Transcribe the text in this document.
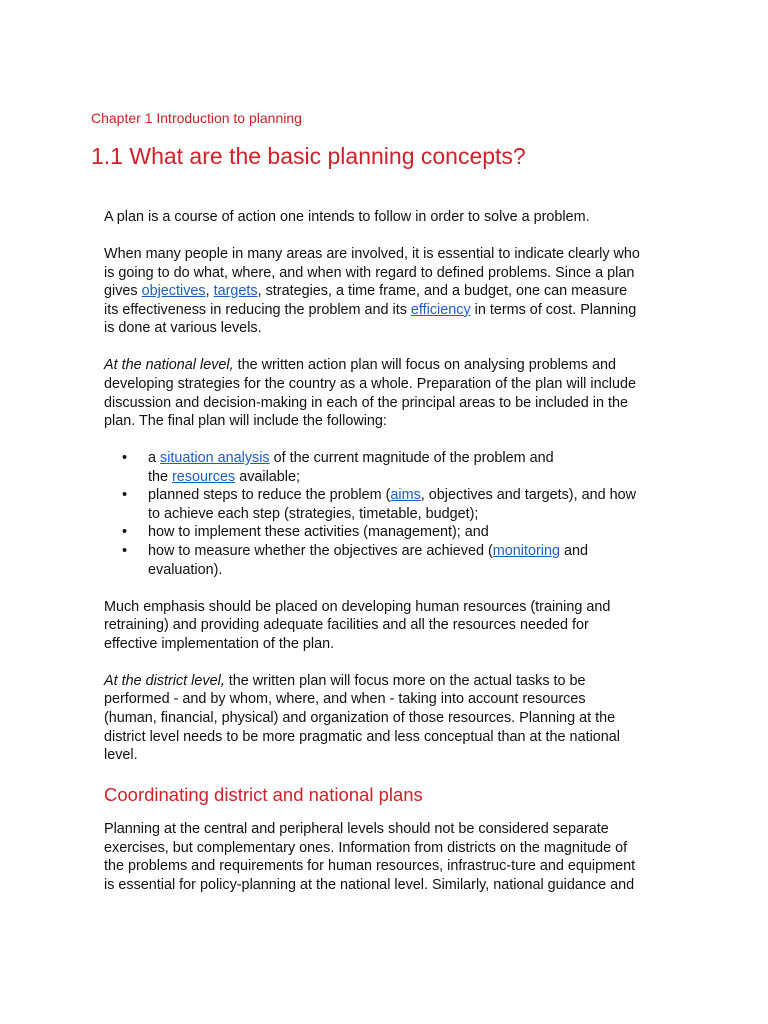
Chapter 1 Introduction to planning
1.1 What are the basic planning concepts?

A plan is a course of action one intends to follow in order to solve a problem.

When many people in many areas are involved, it is essential to indicate clearly who
is going to do what, where, and when with regard to defined problems. Since a plan
gives objectives, targets, strategies, a time frame, and a budget, one can measure
its effectiveness in reducing the problem and its efficiency in terms of cost. Planning
is done at various levels.

At the national level, the written action plan will focus on analysing problems and
developing strategies for the country as a whole. Preparation of the plan will include
discussion and decision-making in each of the principal areas to be included in the
plan. The final plan will include the following:

• a situation analysis of the current magnitude of the problem and
the resources available;
• planned steps to reduce the problem (aims, objectives and targets), and how
to achieve each step (strategies, timetable, budget);
• how to implement these activities (management); and
• how to measure whether the objectives are achieved (monitoring and
evaluation).

Much emphasis should be placed on developing human resources (training and
retraining) and providing adequate facilities and all the resources needed for
effective implementation of the plan.

At the district level, the written plan will focus more on the actual tasks to be
performed - and by whom, where, and when - taking into account resources
(human, financial, physical) and organization of those resources. Planning at the
district level needs to be more pragmatic and less conceptual than at the national
level.

Coordinating district and national plans

Planning at the central and peripheral levels should not be considered separate
exercises, but complementary ones. Information from districts on the magnitude of
the problems and requirements for human resources, infrastruc-ture and equipment
is essential for policy-planning at the national level. Similarly, national guidance and
